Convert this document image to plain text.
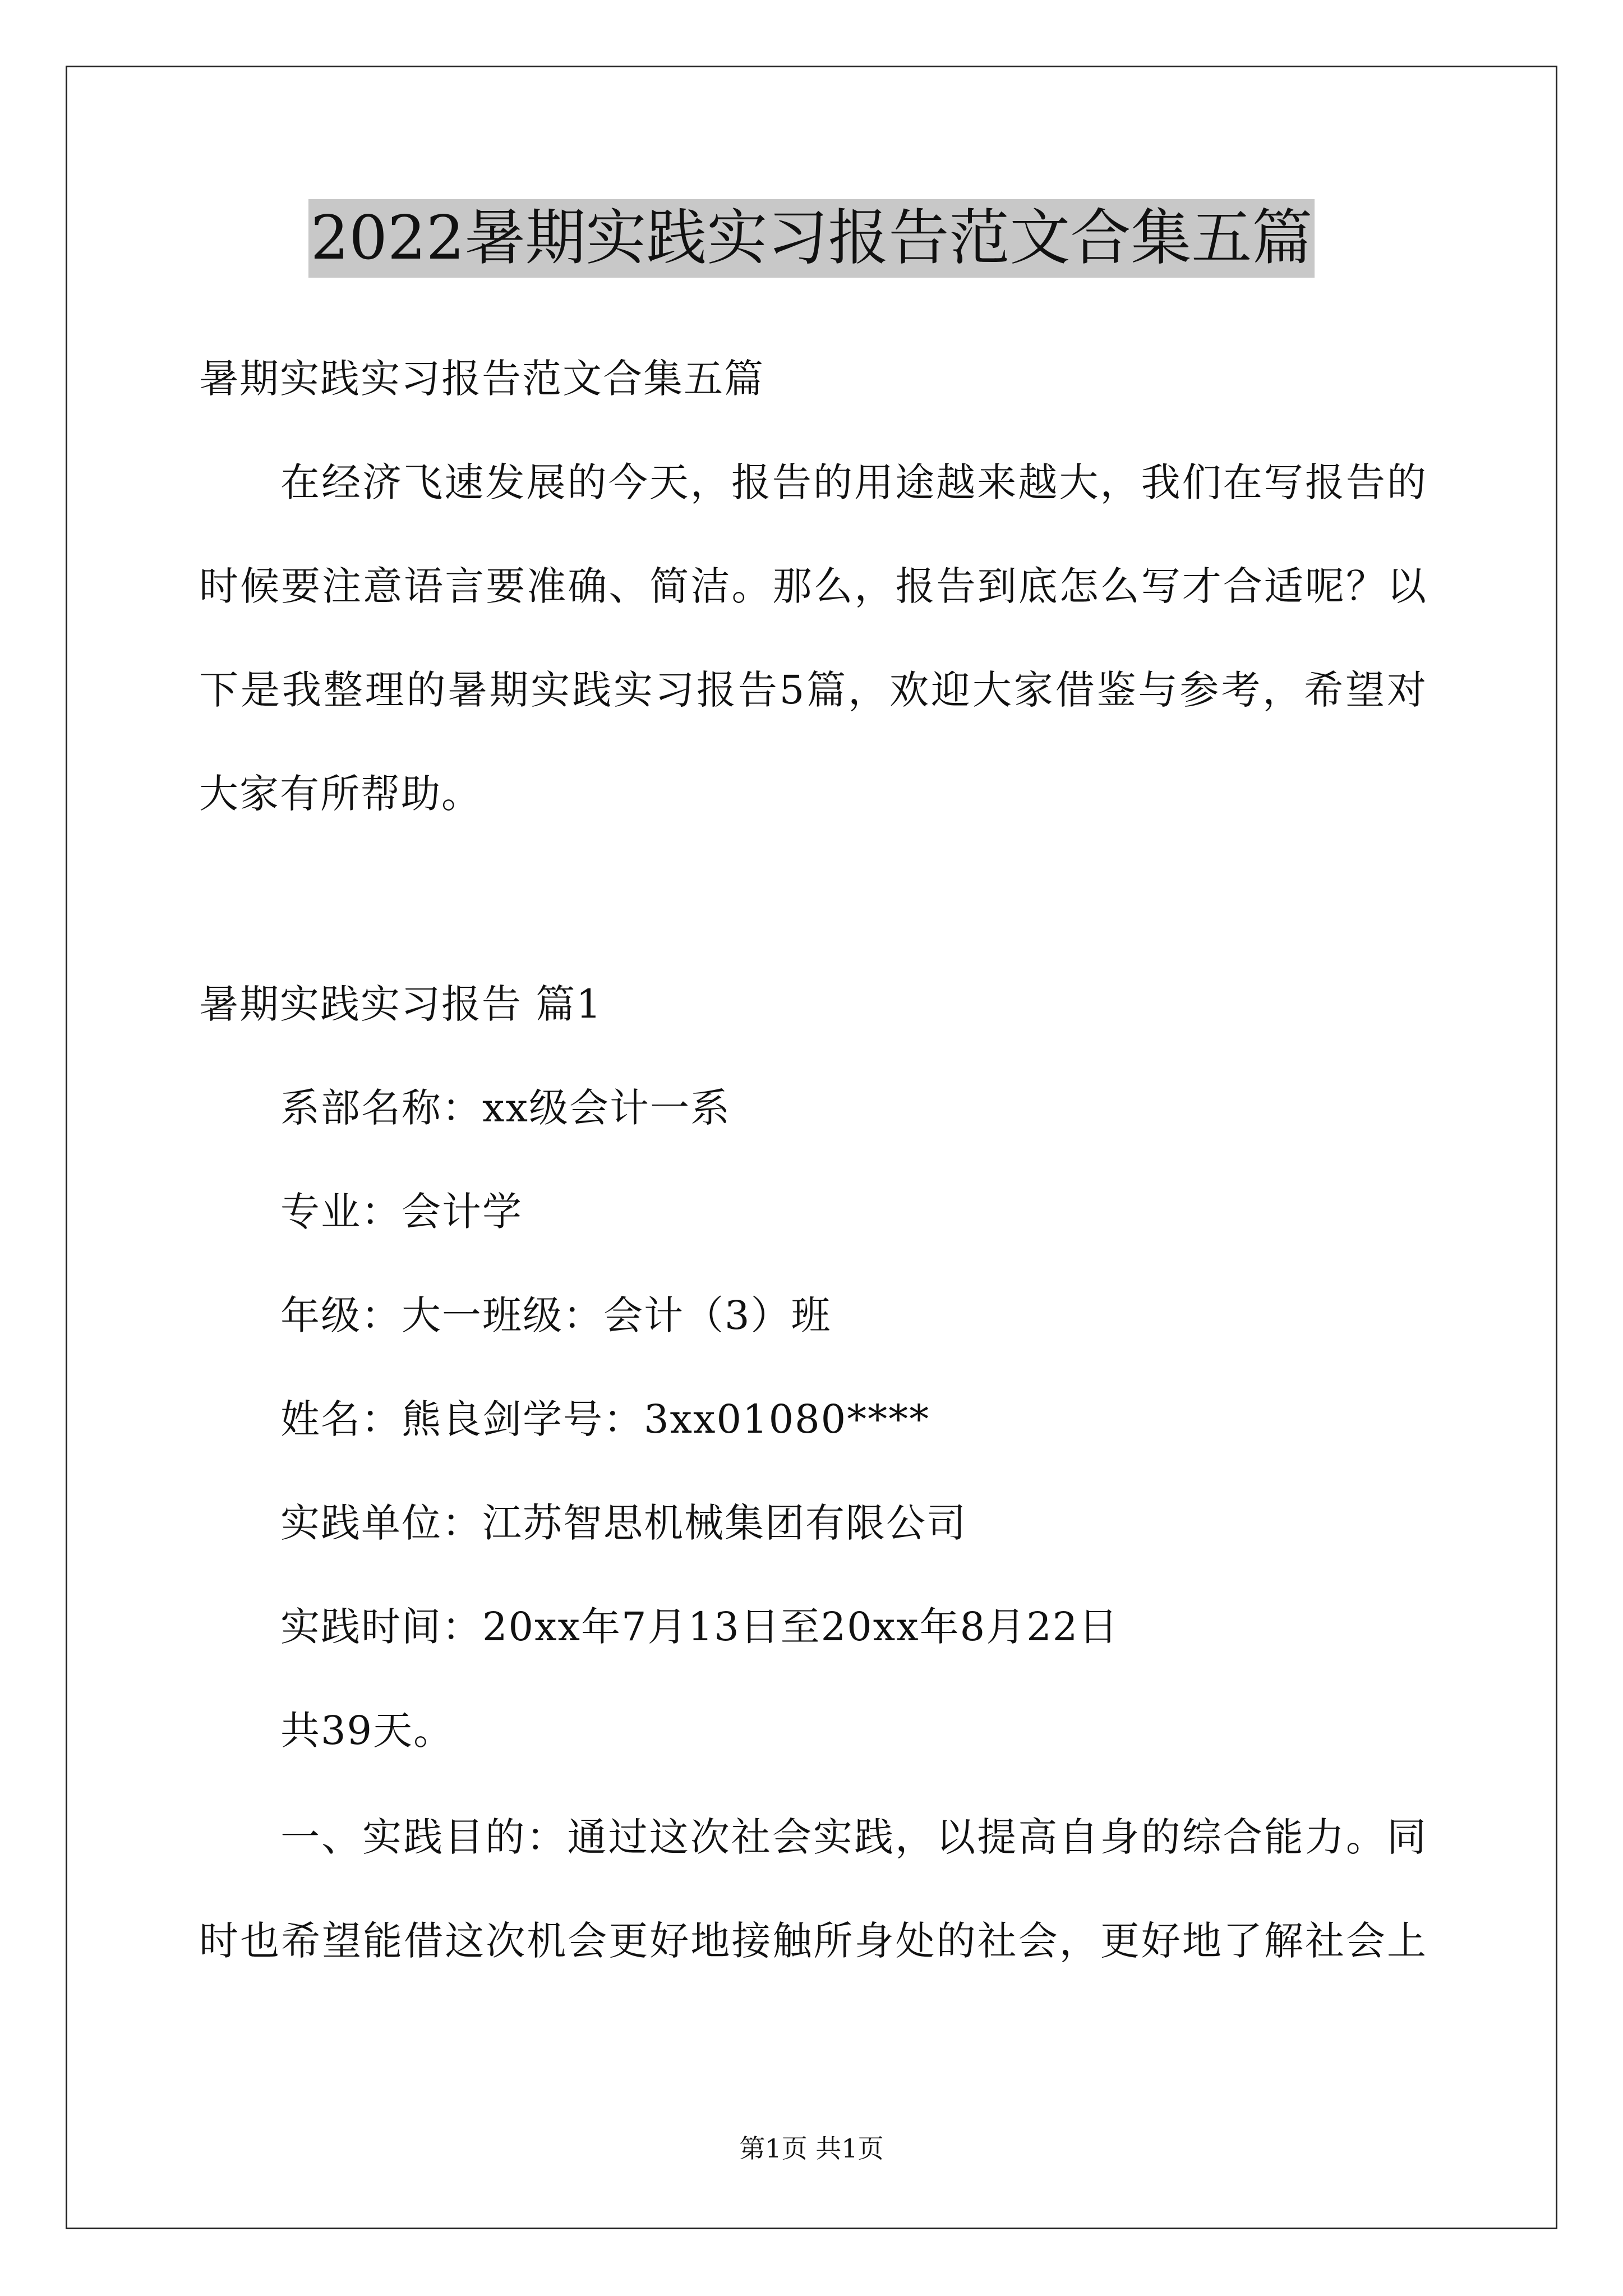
2022暑期实践实习报告范文合集五篇
暑期实践实习报告范文合集五篇
在经济飞速发展的今天，报告的用途越来越大，我们在写报告的
时候要注意语言要准确、简洁。那么，报告到底怎么写才合适呢？以
下是我整理的暑期实践实习报告5篇，欢迎大家借鉴与参考，希望对
大家有所帮助。
暑期实践实习报告 篇1
系部名称：xx级会计一系
专业：会计学
年级：大一班级：会计（3）班
姓名：熊良剑学号：3xx01080****
实践单位：江苏智思机械集团有限公司
实践时间：20xx年7月13日至20xx年8月22日
共39天。
一、实践目的：通过这次社会实践，以提高自身的综合能力。同
时也希望能借这次机会更好地接触所身处的社会，更好地了解社会上
第1页 共1页
